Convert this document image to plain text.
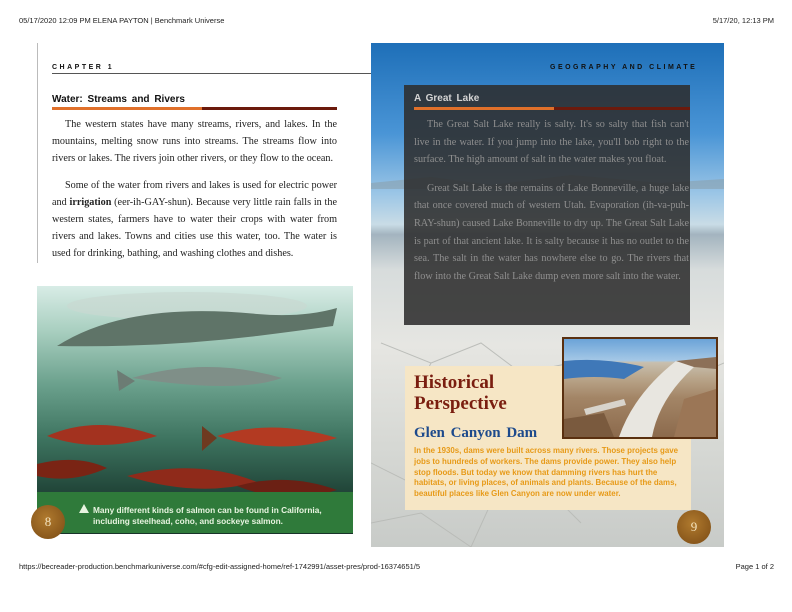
05/17/2020 12:09 PM ELENA PAYTON | Benchmark Universe	5/17/20, 12:13 PM
CHAPTER 1
Water: Streams and Rivers

The western states have many streams, rivers, and lakes. In the mountains, melting snow runs into streams. The streams flow into rivers or lakes. The rivers join other rivers, or they flow to the ocean.

Some of the water from rivers and lakes is used for electric power and irrigation (eer-ih-GAY-shun). Because very little rain falls in the western states, farmers have to water their crops with water from rivers and lakes. Towns and cities use this water, too. The water is used for drinking, bathing, and washing clothes and dishes.

Many different kinds of salmon can be found in California, including steelhead, coho, and sockeye salmon.
8
GEOGRAPHY AND CLIMATE
A Great Lake

The Great Salt Lake really is salty. It's so salty that fish can't live in the water. If you jump into the lake, you'll bob right to the surface. The high amount of salt in the water makes you float.

Great Salt Lake is the remains of Lake Bonneville, a huge lake that once covered much of western Utah. Evaporation (ih-va-puh-RAY-shun) caused Lake Bonneville to dry up. The Great Salt Lake is part of that ancient lake. It is salty because it has no outlet to the sea. The salt in the water has nowhere else to go. The rivers that flow into the Great Salt Lake dump even more salt into the water.

Historical Perspective
Glen Canyon Dam
In the 1930s, dams were built across many rivers. Those projects gave jobs to hundreds of workers. The dams provide power. They also help stop floods. But today we know that damming rivers has hurt the habitats, or living places, of animals and plants. Because of the dams, beautiful places like Glen Canyon are now under water.
9
https://becreader-production.benchmarkuniverse.com/#cfg-edit-assigned-home/ref-1742991/asset-pres/prod-16374651/5	Page 1 of 2
